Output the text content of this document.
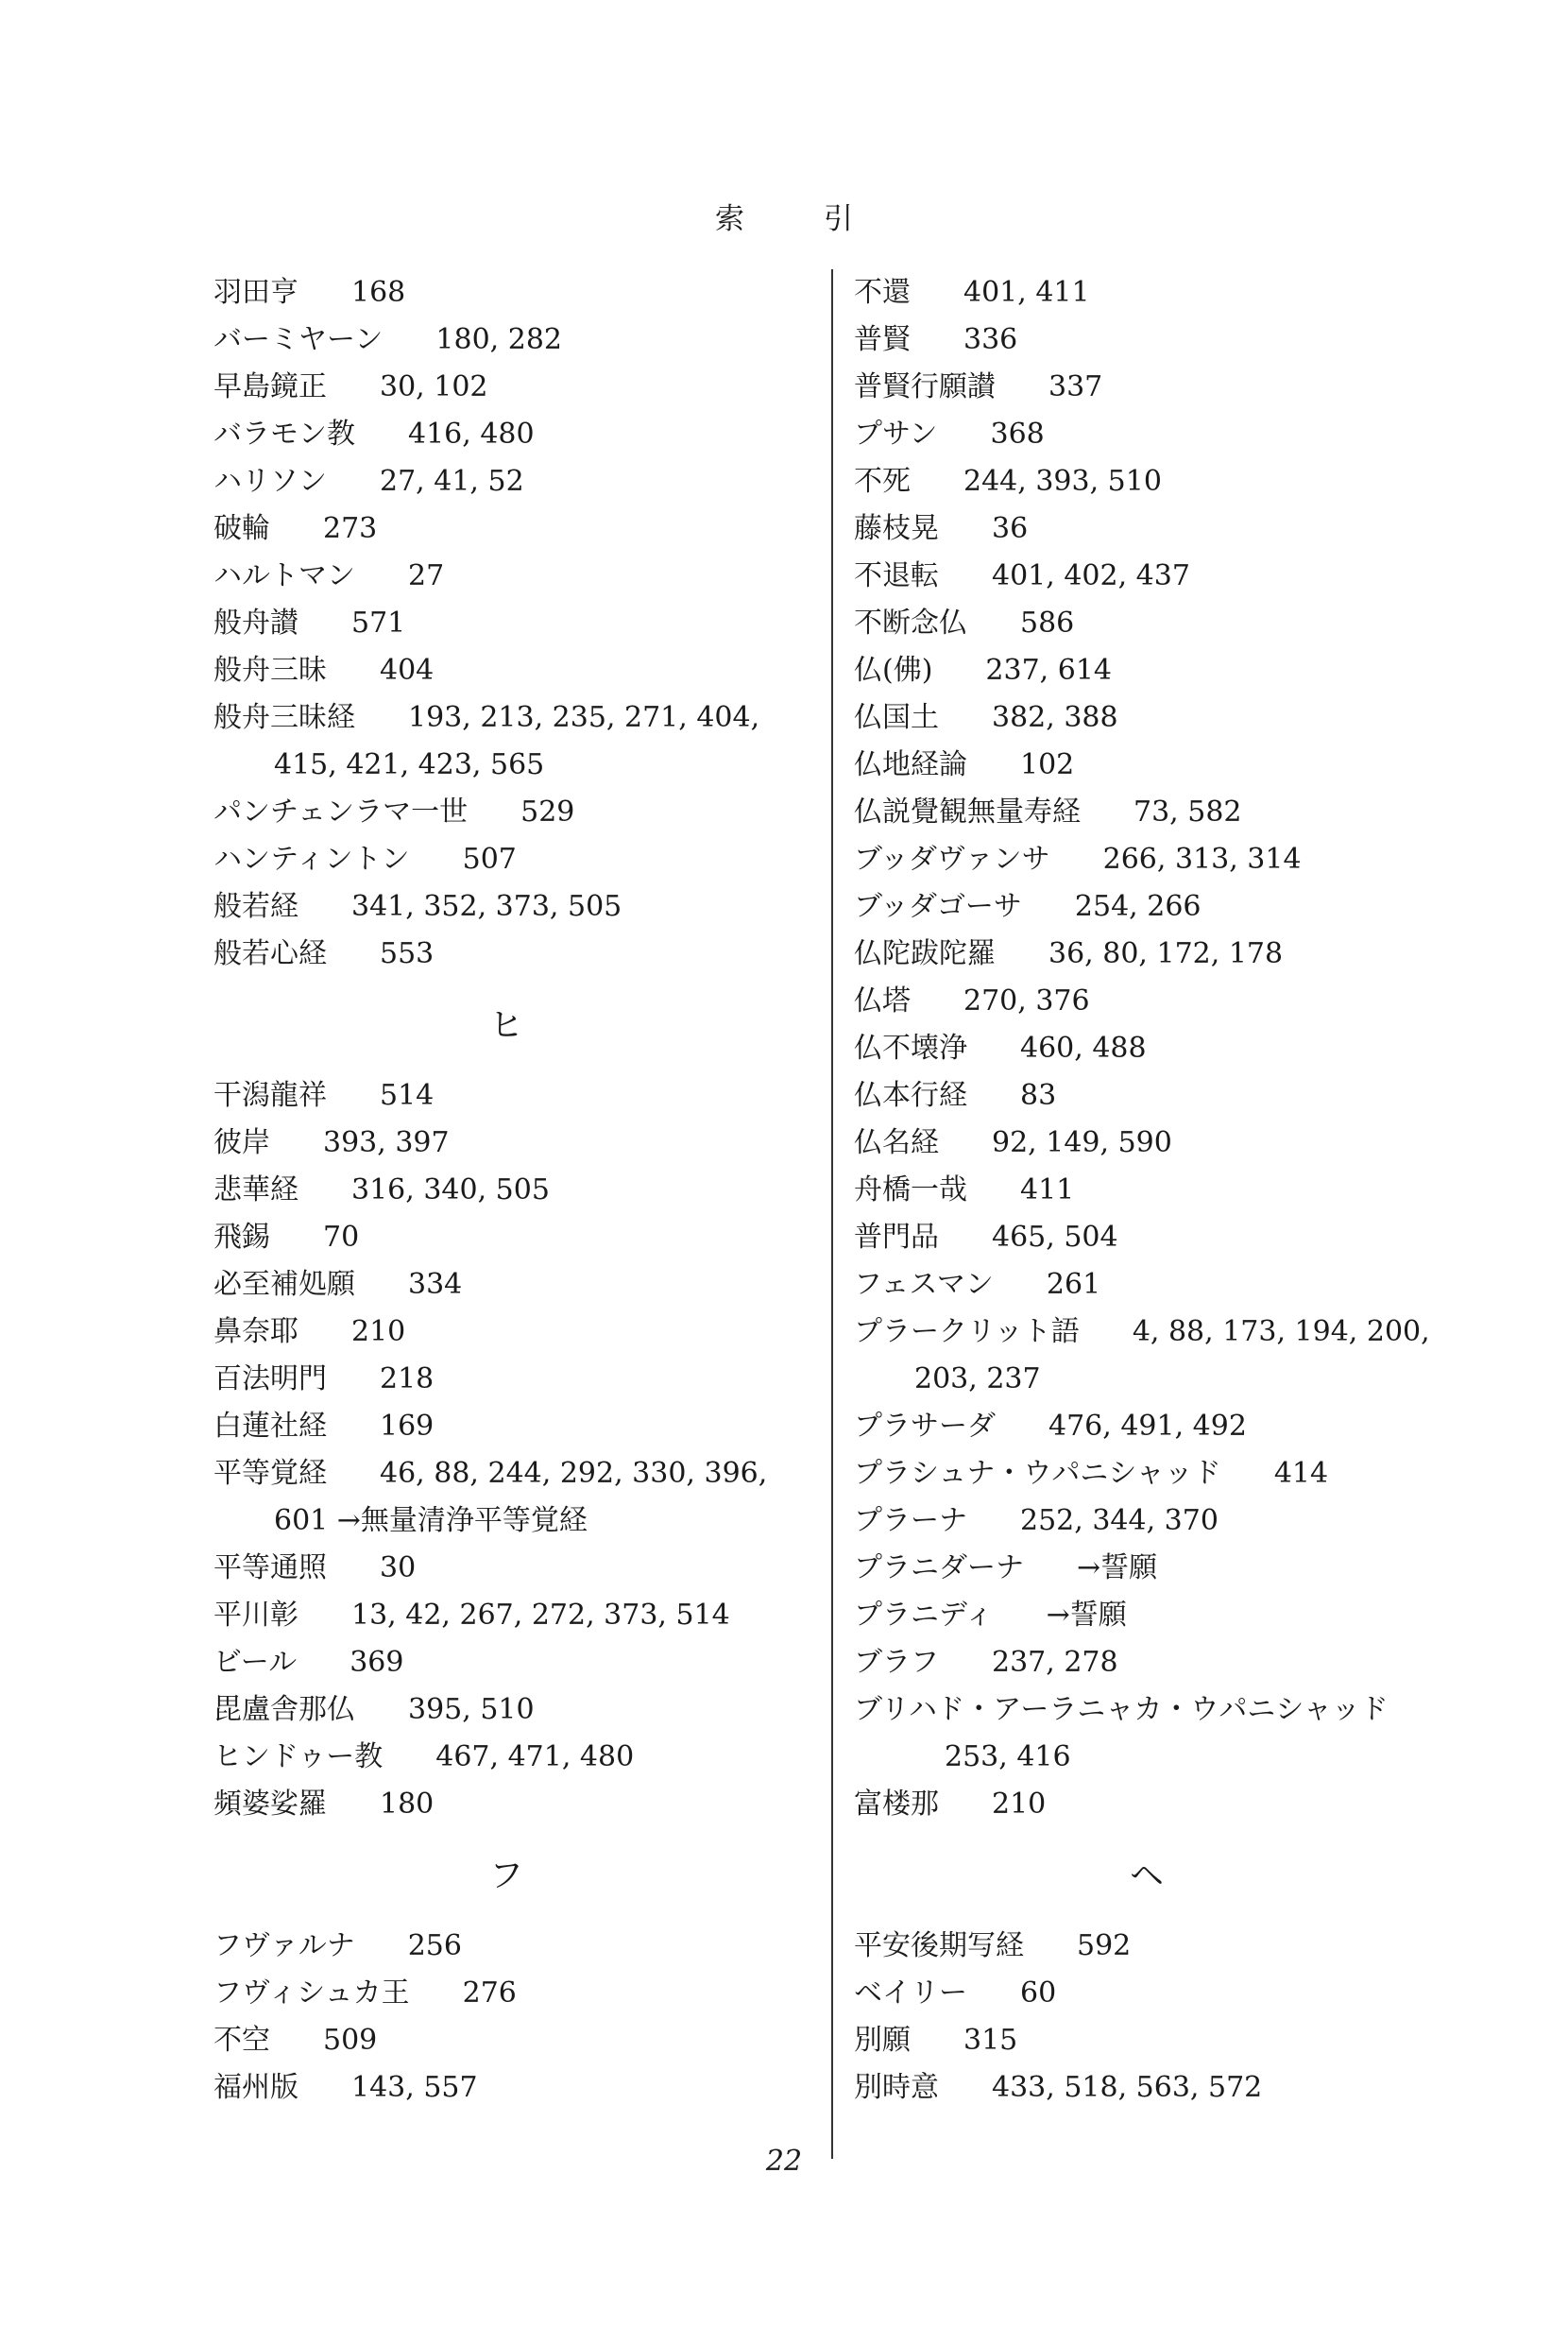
索引
羽田亨 168
バーミヤーン 180, 282
早島鏡正 30, 102
バラモン教 416, 480
ハリソン 27, 41, 52
破輪 273
ハルトマン 27
般舟讃 571
般舟三昧 404
般舟三昧経 193, 213, 235, 271, 404,
415, 421, 423, 565
パンチェンラマ一世 529
ハンティントン 507
般若経 341, 352, 373, 505
般若心経 553
ヒ
干潟龍祥 514
彼岸 393, 397
悲華経 316, 340, 505
飛錫 70
必至補処願 334
鼻奈耶 210
百法明門 218
白蓮社経 169
平等覚経 46, 88, 244, 292, 330, 396,
601 →無量清浄平等覚経
平等通照 30
平川彰 13, 42, 267, 272, 373, 514
ビール 369
毘盧舎那仏 395, 510
ヒンドゥー教 467, 471, 480
頻婆娑羅 180
フ
フヴァルナ 256
フヴィシュカ王 276
不空 509
福州版 143, 557
不還 401, 411
普賢 336
普賢行願讃 337
プサン 368
不死 244, 393, 510
藤枝晃 36
不退転 401, 402, 437
不断念仏 586
仏(佛) 237, 614
仏国土 382, 388
仏地経論 102
仏説覺観無量寿経 73, 582
ブッダヴァンサ 266, 313, 314
ブッダゴーサ 254, 266
仏陀跋陀羅 36, 80, 172, 178
仏塔 270, 376
仏不壊浄 460, 488
仏本行経 83
仏名経 92, 149, 590
舟橋一哉 411
普門品 465, 504
フェスマン 261
プラークリット語 4, 88, 173, 194, 200,
203, 237
プラサーダ 476, 491, 492
プラシュナ・ウパニシャッド 414
プラーナ 252, 344, 370
プラニダーナ →誓願
プラニディ →誓願
ブラフ 237, 278
ブリハド・アーラニャカ・ウパニシャッド
253, 416
富楼那 210
ヘ
平安後期写経 592
ベイリー 60
別願 315
別時意 433, 518, 563, 572
22
